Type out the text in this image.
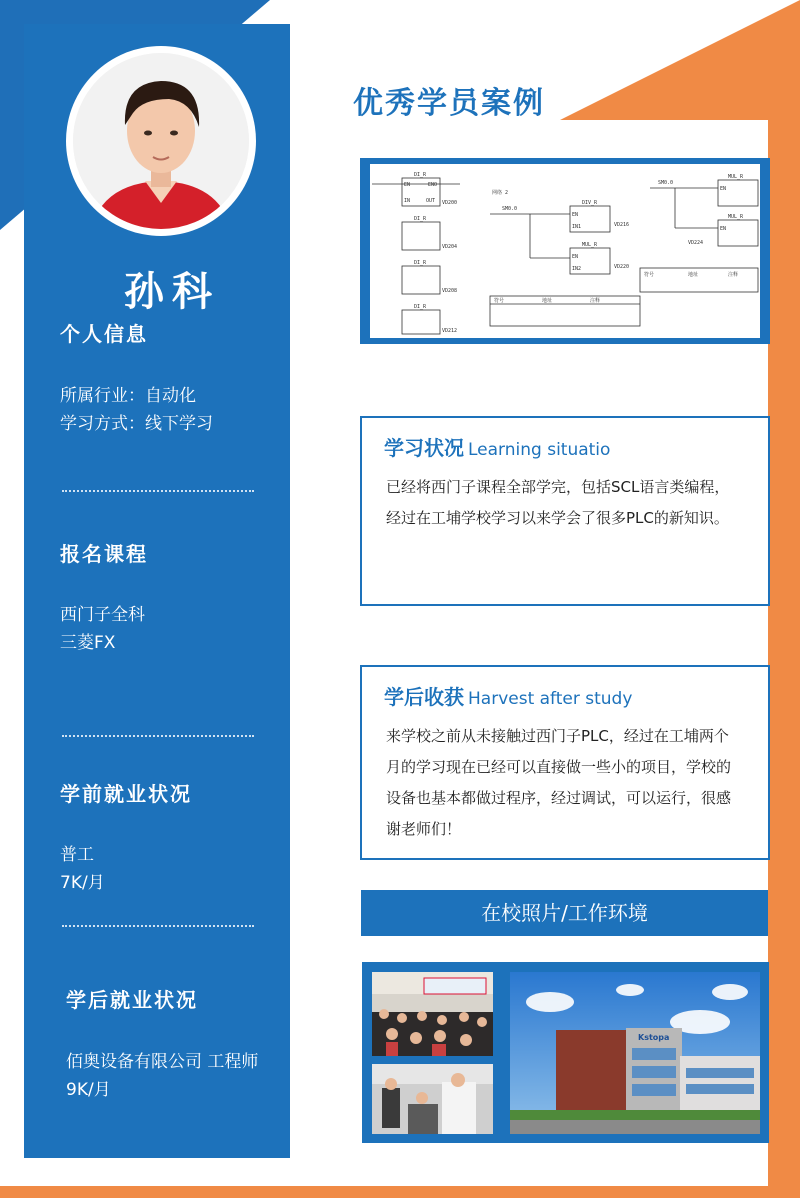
孙科
个人信息
所属行业：自动化
学习方式：线下学习
报名课程
西门子全科
三菱FX
学前就业状况
普工
7K/月
学后就业状况
佰奥设备有限公司 工程师
9K/月
优秀学员案例
DI_R
DI_R
DI_R
DI_R
网络 2
SM0.0
DIV_R
MUL_R
SM0.0
MUL_R
MUL_R
EN	ENO
IN	OUT
EN
IN1
EN
IN2
EN
EN
VD200
VD204
VD208
VD212
VD216
VD220
VD224
符号	地址	注释
符号	地址	注释
学习状况 Learning situatio
已经将西门子课程全部学完，包括SCL语言类编程，
经过在工埔学校学习以来学会了很多PLC的新知识。
学后收获 Harvest after study
来学校之前从未接触过西门子PLC，经过在工埔两个
月的学习现在已经可以直接做一些小的项目，学校的
设备也基本都做过程序，经过调试，可以运行，很感
谢老师们！
在校照片/工作环境
Kstopa
